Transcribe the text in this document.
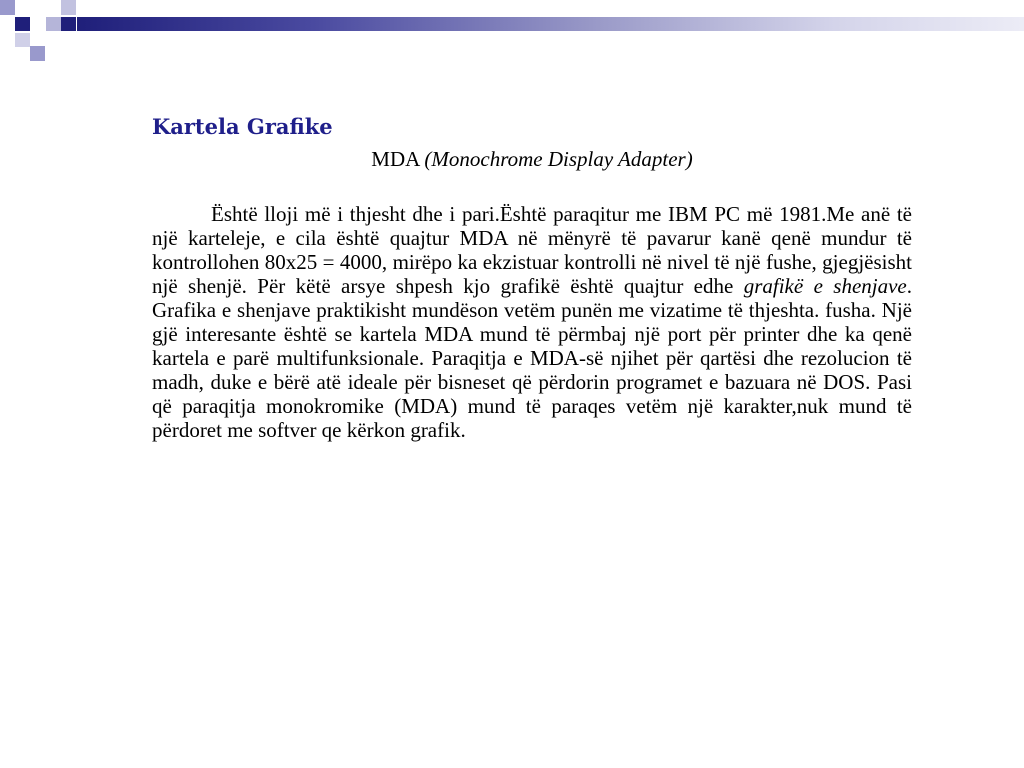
Kartela Grafike

MDA (Monochrome Display Adapter)

Është lloji më i thjesht dhe i pari.Është paraqitur me IBM PC më 1981.Me anë të një karteleje, e cila është quajtur MDA në mënyrë të pavarur kanë qenë mundur të kontrollohen 80x25 = 4000, mirëpo ka ekzistuar kontrolli në nivel të një fushe, gjegjësisht një shenjë. Për këtë arsye shpesh kjo grafikë është quajtur edhe grafikë e shenjave. Grafika e shenjave praktikisht mundëson vetëm punën me vizatime të thjeshta. fusha. Një gjë interesante është se kartela MDA mund të përmbaj një port për printer dhe ka qenë kartela e parë multifunksionale. Paraqitja e MDA-së njihet për qartësi dhe rezolucion të madh, duke e bërë atë ideale për bisneset që përdorin programet e bazuara në DOS. Pasi që paraqitja monokromike (MDA) mund të paraqes vetëm një karakter,nuk mund të përdoret me softver qe kërkon grafik.
